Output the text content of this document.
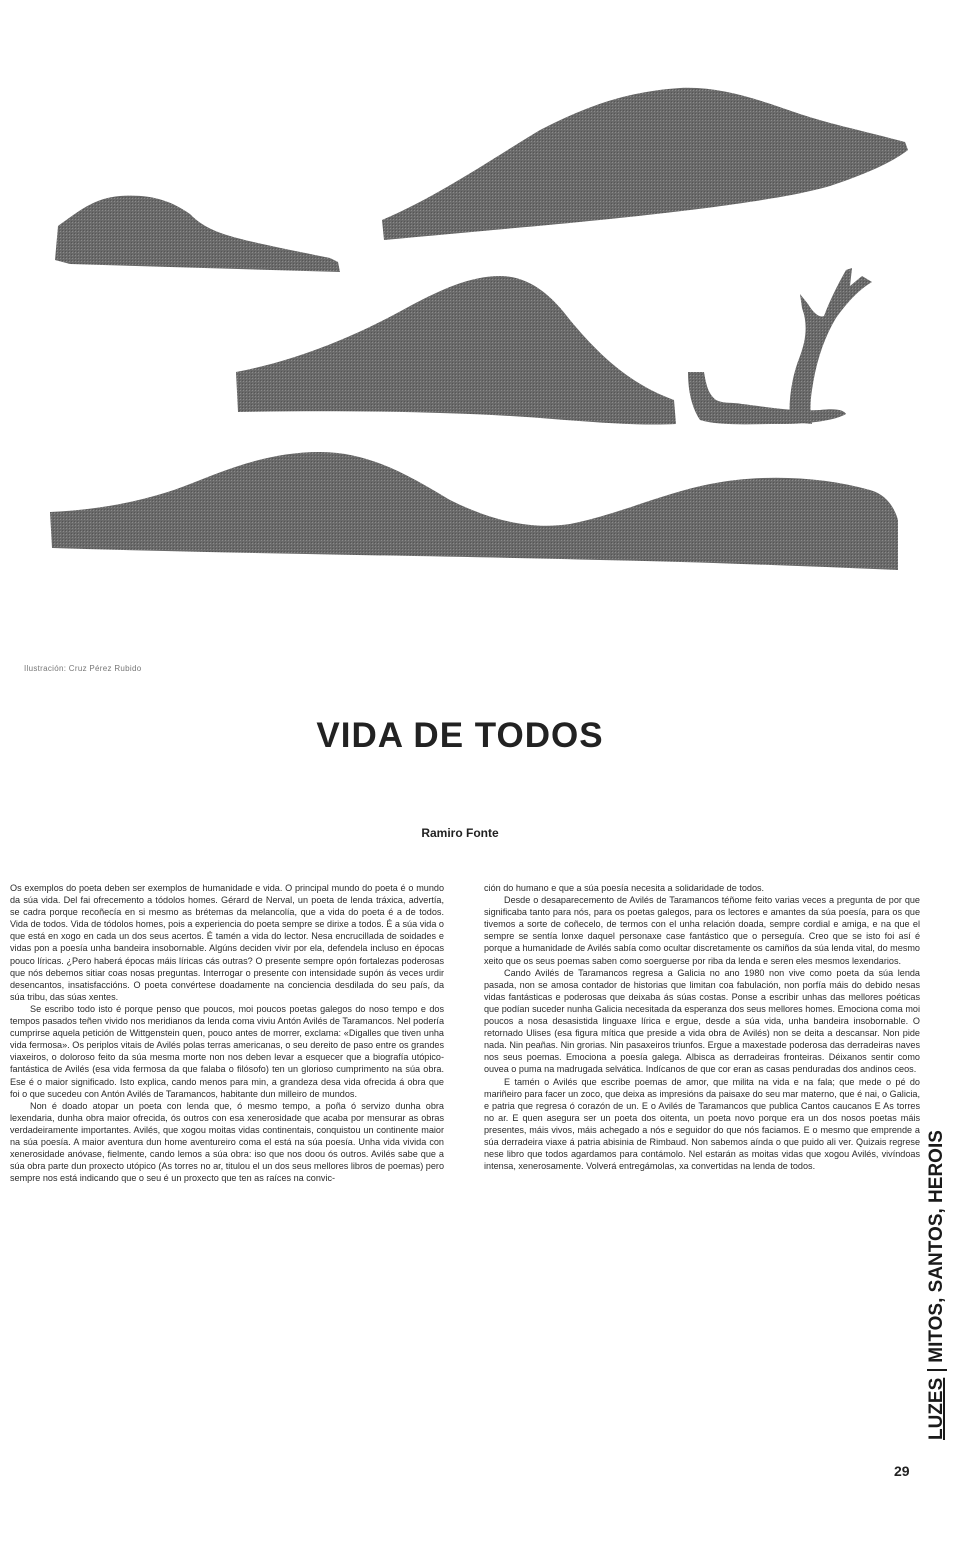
Ilustración: Cruz Pérez Rubido
VIDA DE TODOS
Ramiro Fonte

Os exemplos do poeta deben ser exemplos de humanidade e vida. O principal mundo do poeta é o mundo da súa vida. Del fai ofrecemento a tódolos homes. Gérard de Nerval, un poeta de lenda tráxica, advertía, se cadra porque recoñecía en si mesmo as brétemas da melancolía, que a vida do poeta é a de todos. Vida de todos. Vida de tódolos homes, pois a experiencia do poeta sempre se dirixe a todos. É a súa vida o que está en xogo en cada un dos seus acertos. É tamén a vida do lector. Nesa encrucillada de soidades e vidas pon a poesía unha bandeira insobornable. Algúns deciden vivir por ela, defendela incluso en épocas pouco líricas. ¿Pero haberá épocas máis líricas cás outras? O presente sempre opón fortalezas poderosas que nós debemos sitiar coas nosas preguntas. Interrogar o presente con intensidade supón ás veces urdir desencantos, insatisfaccións. O poeta convértese doadamente na conciencia desdilada do seu país, da súa tribu, das súas xentes.

Se escribo todo isto é porque penso que poucos, moi poucos poetas galegos do noso tempo e dos tempos pasados teñen vivido nos meridianos da lenda coma viviu Antón Avilés de Taramancos. Nel podería cumprirse aquela petición de Wittgenstein quen, pouco antes de morrer, exclama: «Digalles que tiven unha vida fermosa». Os periplos vitais de Avilés polas terras americanas, o seu dereito de paso entre os grandes viaxeiros, o doloroso feito da súa mesma morte non nos deben levar a esquecer que a biografía utópico-fantástica de Avilés (esa vida fermosa da que falaba o filósofo) ten un glorioso cumprimento na súa obra. Ese é o maior significado. Isto explica, cando menos para min, a grandeza desa vida ofrecida á obra que foi o que sucedeu con Antón Avilés de Taramancos, habitante dun milleiro de mundos.

Non é doado atopar un poeta con lenda que, ó mesmo tempo, a poña ó servizo dunha obra lexendaria, dunha obra maior ofrecida, ós outros con esa xenerosidade que acaba por mensurar as obras verdadeiramente importantes. Avilés, que xogou moitas vidas continentais, conquistou un continente maior na súa poesía. A maior aventura dun home aventureiro coma el está na súa poesía. Unha vida vivida con xenerosidade anóvase, fielmente, cando lemos a súa obra: iso que nos doou ós outros. Avilés sabe que a súa obra parte dun proxecto utópico (As torres no ar, titulou el un dos seus mellores libros de poemas) pero sempre nos está indicando que o seu é un proxecto que ten as raíces na convic-

ción do humano e que a súa poesía necesita a solidaridade de todos.

Desde o desaparecemento de Avilés de Taramancos téñome feito varias veces a pregunta de por que significaba tanto para nós, para os poetas galegos, para os lectores e amantes da súa poesía, para os que tivemos a sorte de coñecelo, de termos con el unha relación doada, sempre cordial e amiga, e na que el sempre se sentía lonxe daquel personaxe case fantástico que o perseguía. Creo que se isto foi así é porque a humanidade de Avilés sabía como ocultar discretamente os camiños da súa lenda vital, do mesmo xeito que os seus poemas saben como soerguerse por riba da lenda e seren eles mesmos lexendarios.

Cando Avilés de Taramancos regresa a Galicia no ano 1980 non vive como poeta da súa lenda pasada, non se amosa contador de historias que limitan coa fabulación, non porfía máis do debido nesas vidas fantásticas e poderosas que deixaba ás súas costas. Ponse a escribir unhas das mellores poéticas que podían suceder nunha Galicia necesitada da esperanza dos seus mellores homes. Emociona coma moi poucos a nosa desasistida linguaxe lírica e ergue, desde a súa vida, unha bandeira insobornable. O retornado Ulises (esa figura mítica que preside a vida obra de Avilés) non se deita a descansar. Non pide nada. Nin peañas. Nin grorias. Nin pasaxeiros triunfos. Ergue a maxestade poderosa das derradeiras naves nos seus poemas. Emociona a poesía galega. Albisca as derradeiras fronteiras. Déixanos sentir como ouvea o puma na madrugada selvática. Indícanos de que cor eran as casas penduradas dos andinos ceos.

E tamén o Avilés que escribe poemas de amor, que milita na vida e na fala; que mede o pé do mariñeiro para facer un zoco, que deixa as impresións da paisaxe do seu mar materno, que é nai, o Galicia, e patria que regresa ó corazón de un. E o Avilés de Taramancos que publica Cantos caucanos E As torres no ar. E quen asegura ser un poeta dos oitenta, un poeta novo porque era un dos nosos poetas máis presentes, máis vivos, máis achegado a nós e seguidor do que nós faciamos. E o mesmo que emprende a súa derradeira viaxe á patria abisinia de Rimbaud. Non sabemos aínda o que puido ali ver. Quizais regrese nese libro que todos agardamos para contámolo. Nel estarán as moitas vidas que xogou Avilés, vivíndoas intensa, xenerosamente. Volverá entregámolas, xa convertidas na lenda de todos.

LUZESMITOS, SANTOS, HEROIS
29
